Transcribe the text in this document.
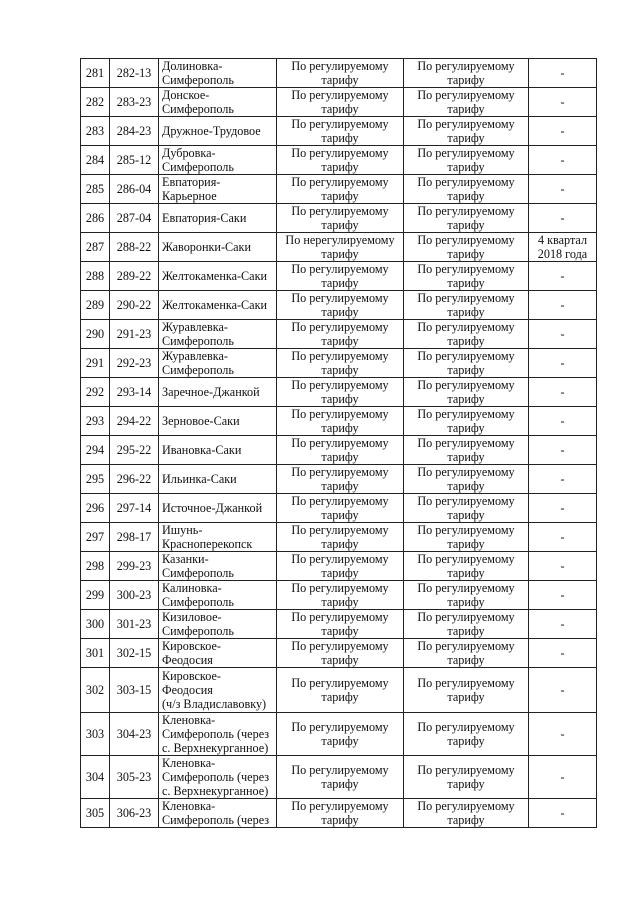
281	282-13	Долиновка-
Симферополь	По регулируемому
тарифу	По регулируемому
тарифу	-
282	283-23	Донское-
Симферополь	По регулируемому
тарифу	По регулируемому
тарифу	-
283	284-23	Дружное-Трудовое	По регулируемому
тарифу	По регулируемому
тарифу	-
284	285-12	Дубровка-
Симферополь	По регулируемому
тарифу	По регулируемому
тарифу	-
285	286-04	Евпатория-
Карьерное	По регулируемому
тарифу	По регулируемому
тарифу	-
286	287-04	Евпатория-Саки	По регулируемому
тарифу	По регулируемому
тарифу	-
287	288-22	Жаворонки-Саки	По нерегулируемому
тарифу	По регулируемому
тарифу	4 квартал
2018 года
288	289-22	Желтокаменка-Саки	По регулируемому
тарифу	По регулируемому
тарифу	-
289	290-22	Желтокаменка-Саки	По регулируемому
тарифу	По регулируемому
тарифу	-
290	291-23	Журавлевка-
Симферополь	По регулируемому
тарифу	По регулируемому
тарифу	-
291	292-23	Журавлевка-
Симферополь	По регулируемому
тарифу	По регулируемому
тарифу	-
292	293-14	Заречное-Джанкой	По регулируемому
тарифу	По регулируемому
тарифу	-
293	294-22	Зерновое-Саки	По регулируемому
тарифу	По регулируемому
тарифу	-
294	295-22	Ивановка-Саки	По регулируемому
тарифу	По регулируемому
тарифу	-
295	296-22	Ильинка-Саки	По регулируемому
тарифу	По регулируемому
тарифу	-
296	297-14	Источное-Джанкой	По регулируемому
тарифу	По регулируемому
тарифу	-
297	298-17	Ишунь-
Красноперекопск	По регулируемому
тарифу	По регулируемому
тарифу	-
298	299-23	Казанки-
Симферополь	По регулируемому
тарифу	По регулируемому
тарифу	-
299	300-23	Калиновка-
Симферополь	По регулируемому
тарифу	По регулируемому
тарифу	-
300	301-23	Кизиловое-
Симферополь	По регулируемому
тарифу	По регулируемому
тарифу	-
301	302-15	Кировское-
Феодосия	По регулируемому
тарифу	По регулируемому
тарифу	-
302	303-15	Кировское-
Феодосия
(ч/з Владиславовку)	По регулируемому
тарифу	По регулируемому
тарифу	-
303	304-23	Кленовка-
Симферополь (через
с. Верхнекурганное)	По регулируемому
тарифу	По регулируемому
тарифу	-
304	305-23	Кленовка-
Симферополь (через
с. Верхнекурганное)	По регулируемому
тарифу	По регулируемому
тарифу	-
305	306-23	Кленовка-
Симферополь (через	По регулируемому
тарифу	По регулируемому
тарифу	-
